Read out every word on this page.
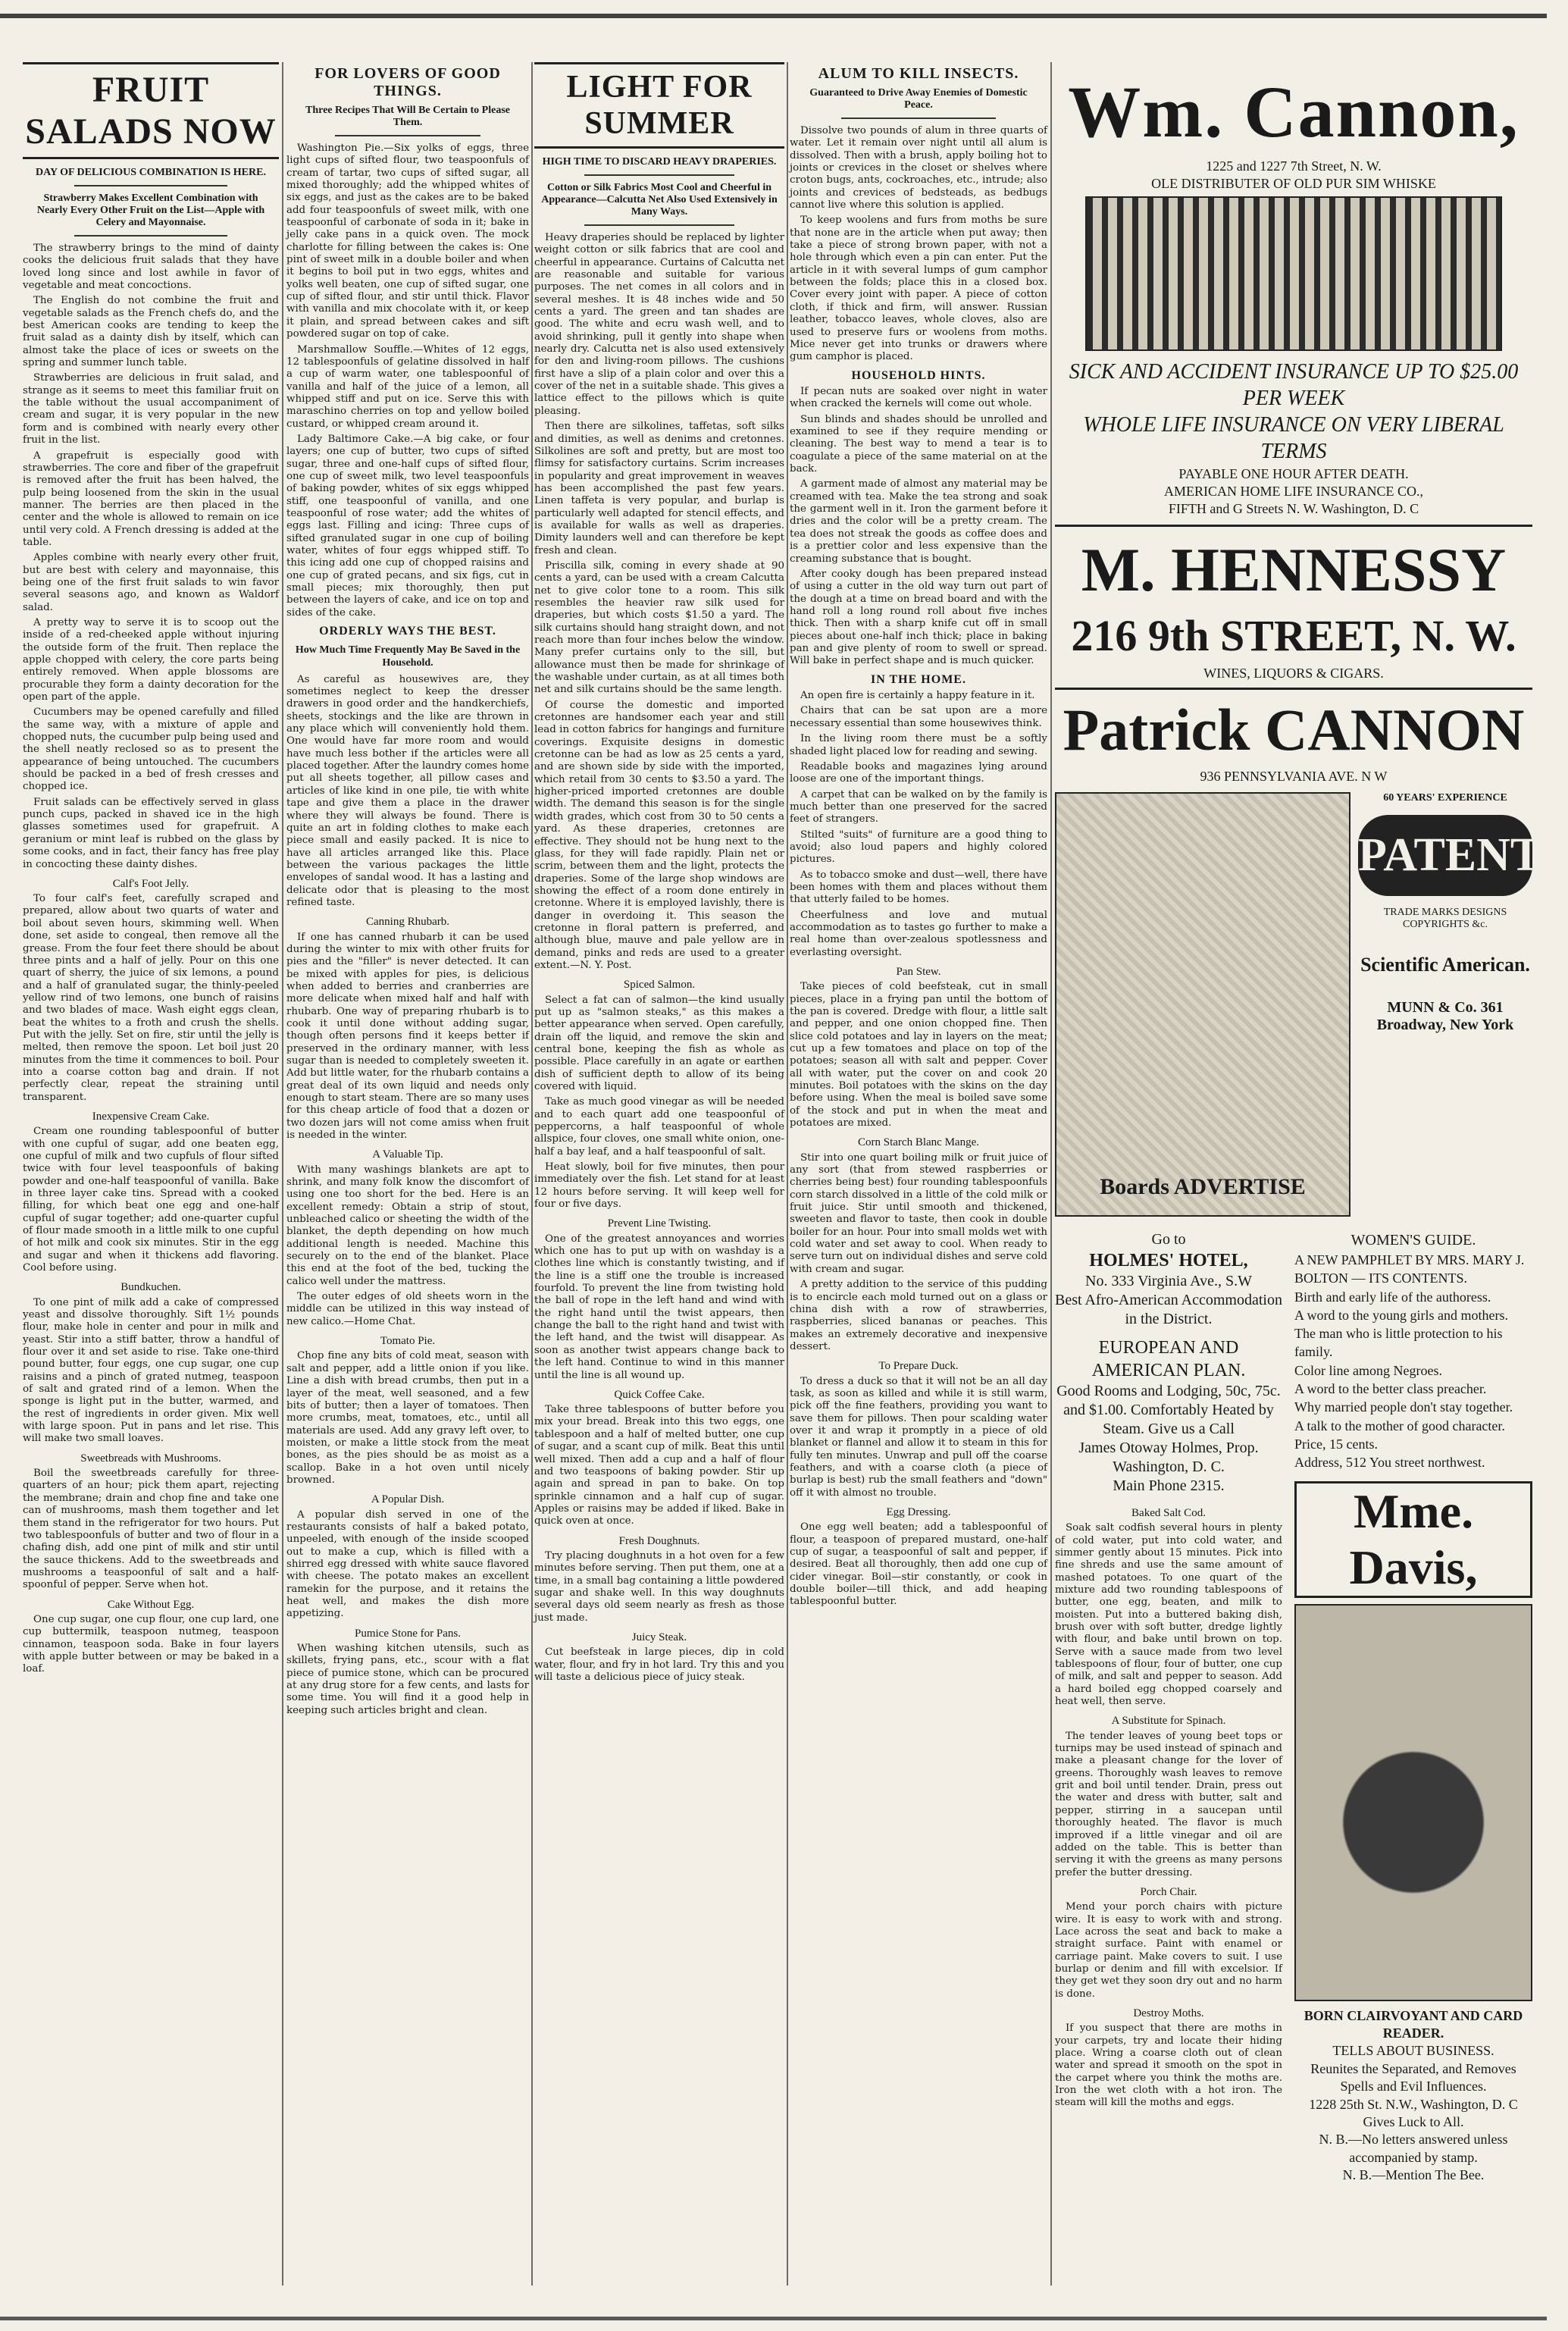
FRUIT SALADS NOW
DAY OF DELICIOUS COMBINATION IS HERE.
Strawberry Makes Excellent Combination with Nearly Every Other Fruit on the List—Apple with Celery and Mayonnaise.

The strawberry brings to the mind of dainty cooks the delicious fruit salads that they have loved long since and lost awhile in favor of vegetable and meat concoctions.

The English do not combine the fruit and vegetable salads as the French chefs do, and the best American cooks are tending to keep the fruit salad as a dainty dish by itself, which can almost take the place of ices or sweets on the spring and summer lunch table.

Strawberries are delicious in fruit salad, and strange as it seems to meet this familiar fruit on the table without the usual accompaniment of cream and sugar, it is very popular in the new form and is combined with nearly every other fruit in the list.

A grapefruit is especially good with strawberries. The core and fiber of the grapefruit is removed after the fruit has been halved, the pulp being loosened from the skin in the usual manner. The berries are then placed in the center and the whole is allowed to remain on ice until very cold. A French dressing is added at the table.

Apples combine with nearly every other fruit, but are best with celery and mayonnaise, this being one of the first fruit salads to win favor several seasons ago, and known as Waldorf salad.

A pretty way to serve it is to scoop out the inside of a red-cheeked apple without injuring the outside form of the fruit. Then replace the apple chopped with celery, the core parts being entirely removed. When apple blossoms are procurable they form a dainty decoration for the open part of the apple.

Cucumbers may be opened carefully and filled the same way, with a mixture of apple and chopped nuts, the cucumber pulp being used and the shell neatly reclosed so as to present the appearance of being untouched. The cucumbers should be packed in a bed of fresh cresses and chopped ice.

Fruit salads can be effectively served in glass punch cups, packed in shaved ice in the high glasses sometimes used for grapefruit. A geranium or mint leaf is rubbed on the glass by some cooks, and in fact, their fancy has free play in concocting these dainty dishes.

Calf's Foot Jelly.

To four calf's feet, carefully scraped and prepared, allow about two quarts of water and boil about seven hours, skimming well. When done, set aside to congeal, then remove all the grease. From the four feet there should be about three pints and a half of jelly. Pour on this one quart of sherry, the juice of six lemons, a pound and a half of granulated sugar, the thinly-peeled yellow rind of two lemons, one bunch of raisins and two blades of mace. Wash eight eggs clean, beat the whites to a froth and crush the shells. Put with the jelly. Set on fire, stir until the jelly is melted, then remove the spoon. Let boil just 20 minutes from the time it commences to boil. Pour into a coarse cotton bag and drain. If not perfectly clear, repeat the straining until transparent.

Inexpensive Cream Cake.

Cream one rounding tablespoonful of butter with one cupful of sugar, add one beaten egg, one cupful of milk and two cupfuls of flour sifted twice with four level teaspoonfuls of baking powder and one-half teaspoonful of vanilla. Bake in three layer cake tins. Spread with a cooked filling, for which beat one egg and one-half cupful of sugar together; add one-quarter cupful of flour made smooth in a little milk to one cupful of hot milk and cook six minutes. Stir in the egg and sugar and when it thickens add flavoring. Cool before using.

Bundkuchen.

To one pint of milk add a cake of compressed yeast and dissolve thoroughly. Sift 1½ pounds flour, make hole in center and pour in milk and yeast. Stir into a stiff batter, throw a handful of flour over it and set aside to rise. Take one-third pound butter, four eggs, one cup sugar, one cup raisins and a pinch of grated nutmeg, teaspoon of salt and grated rind of a lemon. When the sponge is light put in the butter, warmed, and the rest of ingredients in order given. Mix well with large spoon. Put in pans and let rise. This will make two small loaves.

Sweetbreads with Mushrooms.

Boil the sweetbreads carefully for three-quarters of an hour; pick them apart, rejecting the membrane; drain and chop fine and take one can of mushrooms, mash them together and let them stand in the refrigerator for two hours. Put two tablespoonfuls of butter and two of flour in a chafing dish, add one pint of milk and stir until the sauce thickens. Add to the sweetbreads and mushrooms a teaspoonful of salt and a half-spoonful of pepper. Serve when hot.

Cake Without Egg.

One cup sugar, one cup flour, one cup lard, one cup buttermilk, teaspoon nutmeg, teaspoon cinnamon, teaspoon soda. Bake in four layers with apple butter between or may be baked in a loaf.

FOR LOVERS OF GOOD THINGS.
Three Recipes That Will Be Certain to Please Them.

Washington Pie.—Six yolks of eggs, three light cups of sifted flour, two teaspoonfuls of cream of tartar, two cups of sifted sugar, all mixed thoroughly; add the whipped whites of six eggs, and just as the cakes are to be baked add four teaspoonfuls of sweet milk, with one teaspoonful of carbonate of soda in it; bake in jelly cake pans in a quick oven. The mock charlotte for filling between the cakes is: One pint of sweet milk in a double boiler and when it begins to boil put in two eggs, whites and yolks well beaten, one cup of sifted sugar, one cup of sifted flour, and stir until thick. Flavor with vanilla and mix chocolate with it, or keep it plain, and spread between cakes and sift powdered sugar on top of cake.

Marshmallow Souffle.—Whites of 12 eggs, 12 tablespoonfuls of gelatine dissolved in half a cup of warm water, one tablespoonful of vanilla and half of the juice of a lemon, all whipped stiff and put on ice. Serve this with maraschino cherries on top and yellow boiled custard, or whipped cream around it.

Lady Baltimore Cake.—A big cake, or four layers; one cup of butter, two cups of sifted sugar, three and one-half cups of sifted flour, one cup of sweet milk, two level teaspoonfuls of baking powder, whites of six eggs whipped stiff, one teaspoonful of vanilla, and one teaspoonful of rose water; add the whites of eggs last. Filling and icing: Three cups of sifted granulated sugar in one cup of boiling water, whites of four eggs whipped stiff. To this icing add one cup of chopped raisins and one cup of grated pecans, and six figs, cut in small pieces; mix thoroughly, then put between the layers of cake, and ice on top and sides of the cake.

ORDERLY WAYS THE BEST.
How Much Time Frequently May Be Saved in the Household.

As careful as housewives are, they sometimes neglect to keep the dresser drawers in good order and the handkerchiefs, sheets, stockings and the like are thrown in any place which will conveniently hold them. One would have far more room and would have much less bother if the articles were all placed together. After the laundry comes home put all sheets together, all pillow cases and articles of like kind in one pile, tie with white tape and give them a place in the drawer where they will always be found. There is quite an art in folding clothes to make each piece small and easily packed. It is nice to have all articles arranged like this. Place between the various packages the little envelopes of sandal wood. It has a lasting and delicate odor that is pleasing to the most refined taste.

Canning Rhubarb.

If one has canned rhubarb it can be used during the winter to mix with other fruits for pies and the "filler" is never detected. It can be mixed with apples for pies, is delicious when added to berries and cranberries are more delicate when mixed half and half with rhubarb. One way of preparing rhubarb is to cook it until done without adding sugar, though often persons find it keeps better if preserved in the ordinary manner, with less sugar than is needed to completely sweeten it. Add but little water, for the rhubarb contains a great deal of its own liquid and needs only enough to start steam. There are so many uses for this cheap article of food that a dozen or two dozen jars will not come amiss when fruit is needed in the winter.

A Valuable Tip.

With many washings blankets are apt to shrink, and many folk know the discomfort of using one too short for the bed. Here is an excellent remedy: Obtain a strip of stout, unbleached calico or sheeting the width of the blanket, the depth depending on how much additional length is needed. Machine this securely on to the end of the blanket. Place this end at the foot of the bed, tucking the calico well under the mattress.

The outer edges of old sheets worn in the middle can be utilized in this way instead of new calico.—Home Chat.

Tomato Pie.

Chop fine any bits of cold meat, season with salt and pepper, add a little onion if you like. Line a dish with bread crumbs, then put in a layer of the meat, well seasoned, and a few bits of butter; then a layer of tomatoes. Then more crumbs, meat, tomatoes, etc., until all materials are used. Add any gravy left over, to moisten, or make a little stock from the meat bones, as the pies should be as moist as a scallop. Bake in a hot oven until nicely browned.

A Popular Dish.

A popular dish served in one of the restaurants consists of half a baked potato, unpeeled, with enough of the inside scooped out to make a cup, which is filled with a shirred egg dressed with white sauce flavored with cheese. The potato makes an excellent ramekin for the purpose, and it retains the heat well, and makes the dish more appetizing.

Pumice Stone for Pans.

When washing kitchen utensils, such as skillets, frying pans, etc., scour with a flat piece of pumice stone, which can be procured at any drug store for a few cents, and lasts for some time. You will find it a good help in keeping such articles bright and clean.

LIGHT FOR SUMMER
HIGH TIME TO DISCARD HEAVY DRAPERIES.
Cotton or Silk Fabrics Most Cool and Cheerful in Appearance—Calcutta Net Also Used Extensively in Many Ways.

Heavy draperies should be replaced by lighter weight cotton or silk fabrics that are cool and cheerful in appearance. Curtains of Calcutta net are reasonable and suitable for various purposes. The net comes in all colors and in several meshes. It is 48 inches wide and 50 cents a yard. The green and tan shades are good. The white and ecru wash well, and to avoid shrinking, pull it gently into shape when nearly dry. Calcutta net is also used extensively for den and living-room pillows. The cushions first have a slip of a plain color and over this a cover of the net in a suitable shade. This gives a lattice effect to the pillows which is quite pleasing.

Then there are silkolines, taffetas, soft silks and dimities, as well as denims and cretonnes. Silkolines are soft and pretty, but are most too flimsy for satisfactory curtains. Scrim increases in popularity and great improvement in weaves has been accomplished the past few years. Linen taffeta is very popular, and burlap is particularly well adapted for stencil effects, and is available for walls as well as draperies. Dimity launders well and can therefore be kept fresh and clean.

Priscilla silk, coming in every shade at 90 cents a yard, can be used with a cream Calcutta net to give color tone to a room. This silk resembles the heavier raw silk used for draperies, but which costs $1.50 a yard. The silk curtains should hang straight down, and not reach more than four inches below the window. Many prefer curtains only to the sill, but allowance must then be made for shrinkage of the washable under curtain, as at all times both net and silk curtains should be the same length.

Of course the domestic and imported cretonnes are handsomer each year and still lead in cotton fabrics for hangings and furniture coverings. Exquisite designs in domestic cretonne can be had as low as 25 cents a yard, and are shown side by side with the imported, which retail from 30 cents to $3.50 a yard. The higher-priced imported cretonnes are double width. The demand this season is for the single width grades, which cost from 30 to 50 cents a yard. As these draperies, cretonnes are effective. They should not be hung next to the glass, for they will fade rapidly. Plain net or scrim, between them and the light, protects the draperies. Some of the large shop windows are showing the effect of a room done entirely in cretonne. Where it is employed lavishly, there is danger in overdoing it. This season the cretonne in floral pattern is preferred, and although blue, mauve and pale yellow are in demand, pinks and reds are used to a greater extent.—N. Y. Post.

Spiced Salmon.

Select a fat can of salmon—the kind usually put up as "salmon steaks," as this makes a better appearance when served. Open carefully, drain off the liquid, and remove the skin and central bone, keeping the fish as whole as possible. Place carefully in an agate or earthen dish of sufficient depth to allow of its being covered with liquid.

Take as much good vinegar as will be needed and to each quart add one teaspoonful of peppercorns, a half teaspoonful of whole allspice, four cloves, one small white onion, one-half a bay leaf, and a half teaspoonful of salt.

Heat slowly, boil for five minutes, then pour immediately over the fish. Let stand for at least 12 hours before serving. It will keep well for four or five days.

Prevent Line Twisting.

One of the greatest annoyances and worries which one has to put up with on washday is a clothes line which is constantly twisting, and if the line is a stiff one the trouble is increased fourfold. To prevent the line from twisting hold the ball of rope in the left hand and wind with the right hand until the twist appears, then change the ball to the right hand and twist with the left hand, and the twist will disappear. As soon as another twist appears change back to the left hand. Continue to wind in this manner until the line is all wound up.

Quick Coffee Cake.

Take three tablespoons of butter before you mix your bread. Break into this two eggs, one tablespoon and a half of melted butter, one cup of sugar, and a scant cup of milk. Beat this until well mixed. Then add a cup and a half of flour and two teaspoons of baking powder. Stir up again and spread in pan to bake. On top sprinkle cinnamon and a half cup of sugar. Apples or raisins may be added if liked. Bake in quick oven at once.

Fresh Doughnuts.

Try placing doughnuts in a hot oven for a few minutes before serving. Then put them, one at a time, in a small bag containing a little powdered sugar and shake well. In this way doughnuts several days old seem nearly as fresh as those just made.

Juicy Steak.

Cut beefsteak in large pieces, dip in cold water, flour, and fry in hot lard. Try this and you will taste a delicious piece of juicy steak.

ALUM TO KILL INSECTS.
Guaranteed to Drive Away Enemies of Domestic Peace.

Dissolve two pounds of alum in three quarts of water. Let it remain over night until all alum is dissolved. Then with a brush, apply boiling hot to joints or crevices in the closet or shelves where croton bugs, ants, cockroaches, etc., intrude; also joints and crevices of bedsteads, as bedbugs cannot live where this solution is applied.

To keep woolens and furs from moths be sure that none are in the article when put away; then take a piece of strong brown paper, with not a hole through which even a pin can enter. Put the article in it with several lumps of gum camphor between the folds; place this in a closed box. Cover every joint with paper. A piece of cotton cloth, if thick and firm, will answer. Russian leather, tobacco leaves, whole cloves, also are used to preserve furs or woolens from moths. Mice never get into trunks or drawers where gum camphor is placed.

HOUSEHOLD HINTS.

If pecan nuts are soaked over night in water when cracked the kernels will come out whole.

Sun blinds and shades should be unrolled and examined to see if they require mending or cleaning. The best way to mend a tear is to coagulate a piece of the same material on at the back.

A garment made of almost any material may be creamed with tea. Make the tea strong and soak the garment well in it. Iron the garment before it dries and the color will be a pretty cream. The tea does not streak the goods as coffee does and is a prettier color and less expensive than the creaming substance that is bought.

After cooky dough has been prepared instead of using a cutter in the old way turn out part of the dough at a time on bread board and with the hand roll a long round roll about five inches thick. Then with a sharp knife cut off in small pieces about one-half inch thick; place in baking pan and give plenty of room to swell or spread. Will bake in perfect shape and is much quicker.

IN THE HOME.

An open fire is certainly a happy feature in it.

Chairs that can be sat upon are a more necessary essential than some housewives think.

In the living room there must be a softly shaded light placed low for reading and sewing.

Readable books and magazines lying around loose are one of the important things.

A carpet that can be walked on by the family is much better than one preserved for the sacred feet of strangers.

Stilted "suits" of furniture are a good thing to avoid; also loud papers and highly colored pictures.

As to tobacco smoke and dust—well, there have been homes with them and places without them that utterly failed to be homes.

Cheerfulness and love and mutual accommodation as to tastes go further to make a real home than over-zealous spotlessness and everlasting oversight.

Pan Stew.

Take pieces of cold beefsteak, cut in small pieces, place in a frying pan until the bottom of the pan is covered. Dredge with flour, a little salt and pepper, and one onion chopped fine. Then slice cold potatoes and lay in layers on the meat; cut up a few tomatoes and place on top of the potatoes; season all with salt and pepper. Cover all with water, put the cover on and cook 20 minutes. Boil potatoes with the skins on the day before using. When the meal is boiled save some of the stock and put in when the meat and potatoes are mixed.

Corn Starch Blanc Mange.

Stir into one quart boiling milk or fruit juice of any sort (that from stewed raspberries or cherries being best) four rounding tablespoonfuls corn starch dissolved in a little of the cold milk or fruit juice. Stir until smooth and thickened, sweeten and flavor to taste, then cook in double boiler for an hour. Pour into small molds wet with cold water and set away to cool. When ready to serve turn out on individual dishes and serve cold with cream and sugar.

A pretty addition to the service of this pudding is to encircle each mold turned out on a glass or china dish with a row of strawberries, raspberries, sliced bananas or peaches. This makes an extremely decorative and inexpensive dessert.

To Prepare Duck.

To dress a duck so that it will not be an all day task, as soon as killed and while it is still warm, pick off the fine feathers, providing you want to save them for pillows. Then pour scalding water over it and wrap it promptly in a piece of old blanket or flannel and allow it to steam in this for fully ten minutes. Unwrap and pull off the coarse feathers, and with a coarse cloth (a piece of burlap is best) rub the small feathers and "down" off it with almost no trouble.

Egg Dressing.

One egg well beaten; add a tablespoonful of flour, a teaspoon of prepared mustard, one-half cup of sugar, a teaspoonful of salt and pepper, if desired. Beat all thoroughly, then add one cup of cider vinegar. Boil—stir constantly, or cook in double boiler—till thick, and add heaping tablespoonful butter.

Wm. Cannon,
1225 and 1227 7th Street, N. W.
OLE DISTRIBUTER OF OLD PUR SIM WHISKE
SICK AND ACCIDENT INSURANCE UP TO $25.00 PER WEEK
WHOLE LIFE INSURANCE ON VERY LIBERAL TERMS
PAYABLE ONE HOUR AFTER DEATH.
AMERICAN HOME LIFE INSURANCE CO.,
FIFTH and G Streets N. W. Washington, D. C
M. HENNESSY
216 9th STREET, N. W.
WINES, LIQUORS & CIGARS.
Patrick CANNON
936 PENNSYLVANIA AVE. N W
Boards ADVERTISE
60 YEARS' EXPERIENCE
PATENTS
TRADE MARKS DESIGNS COPYRIGHTS &c.
Scientific American.
MUNN & Co. 361 Broadway, New York
Go to
HOLMES' HOTEL,
No. 333 Virginia Ave., S.W
Best Afro-American Accommodation in the District.
EUROPEAN AND AMERICAN PLAN.
Good Rooms and Lodging, 50c, 75c. and $1.00. Comfortably Heated by Steam. Give us a Call
James Otoway Holmes, Prop.
Washington, D. C.
Main Phone 2315.
Baked Salt Cod.

Soak salt codfish several hours in plenty of cold water, put into cold water, and simmer gently about 15 minutes. Pick into fine shreds and use the same amount of mashed potatoes. To one quart of the mixture add two rounding tablespoons of butter, one egg, beaten, and milk to moisten. Put into a buttered baking dish, brush over with soft butter, dredge lightly with flour, and bake until brown on top. Serve with a sauce made from two level tablespoons of flour, four of butter, one cup of milk, and salt and pepper to season. Add a hard boiled egg chopped coarsely and heat well, then serve.

A Substitute for Spinach.

The tender leaves of young beet tops or turnips may be used instead of spinach and make a pleasant change for the lover of greens. Thoroughly wash leaves to remove grit and boil until tender. Drain, press out the water and dress with butter, salt and pepper, stirring in a saucepan until thoroughly heated. The flavor is much improved if a little vinegar and oil are added on the table. This is better than serving it with the greens as many persons prefer the butter dressing.

Porch Chair.

Mend your porch chairs with picture wire. It is easy to work with and strong. Lace across the seat and back to make a straight surface. Paint with enamel or carriage paint. Make covers to suit. I use burlap or denim and fill with excelsior. If they get wet they soon dry out and no harm is done.

Destroy Moths.

If you suspect that there are moths in your carpets, try and locate their hiding place. Wring a coarse cloth out of clean water and spread it smooth on the spot in the carpet where you think the moths are. Iron the wet cloth with a hot iron. The steam will kill the moths and eggs.

WOMEN'S GUIDE.
A NEW PAMPHLET BY MRS. MARY J. BOLTON — ITS CONTENTS.
Birth and early life of the authoress.
A word to the young girls and mothers.
The man who is little protection to his family.
Color line among Negroes.
A word to the better class preacher.
Why married people don't stay together.
A talk to the mother of good character.
Price, 15 cents.
Address, 512 You street northwest.
Mme. Davis,
BORN CLAIRVOYANT AND CARD READER.
TELLS ABOUT BUSINESS.
Reunites the Separated, and Removes Spells and Evil Influences.
1228 25th St. N.W., Washington, D. C
Gives Luck to All.
N. B.—No letters answered unless accompanied by stamp.
N. B.—Mention The Bee.
